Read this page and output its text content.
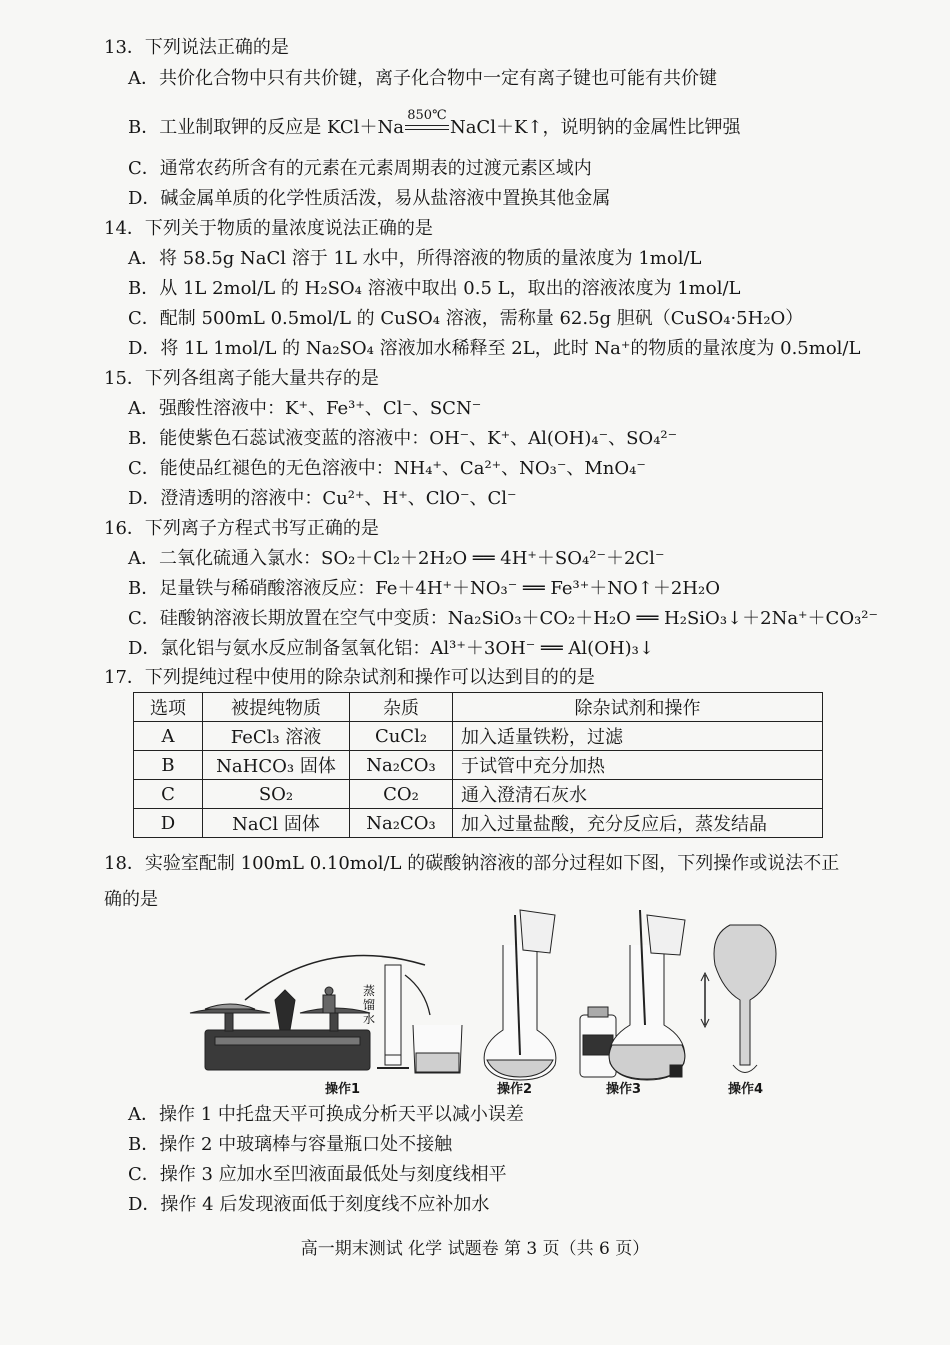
13．下列说法正确的是
A．共价化合物中只有共价键，离子化合物中一定有离子键也可能有共价键
B．工业制取钾的反应是 KCl＋Na
850℃
NaCl＋K↑，说明钠的金属性比钾强
C．通常农药所含有的元素在元素周期表的过渡元素区域内
D．碱金属单质的化学性质活泼，易从盐溶液中置换其他金属
14．下列关于物质的量浓度说法正确的是
A．将 58.5g NaCl 溶于 1L 水中，所得溶液的物质的量浓度为 1mol/L
B．从 1L 2mol/L 的 H₂SO₄ 溶液中取出 0.5 L，取出的溶液浓度为 1mol/L
C．配制 500mL 0.5mol/L 的 CuSO₄ 溶液，需称量 62.5g 胆矾（CuSO₄·5H₂O）
D．将 1L 1mol/L 的 Na₂SO₄ 溶液加水稀释至 2L，此时 Na⁺的物质的量浓度为 0.5mol/L
15．下列各组离子能大量共存的是
A．强酸性溶液中：K⁺、Fe³⁺、Cl⁻、SCN⁻
B．能使紫色石蕊试液变蓝的溶液中：OH⁻、K⁺、Al(OH)₄⁻、SO₄²⁻
C．能使品红褪色的无色溶液中：NH₄⁺、Ca²⁺、NO₃⁻、MnO₄⁻
D．澄清透明的溶液中：Cu²⁺、H⁺、ClO⁻、Cl⁻
16．下列离子方程式书写正确的是
A．二氧化硫通入氯水：SO₂＋Cl₂＋2H₂O ══ 4H⁺＋SO₄²⁻＋2Cl⁻
B．足量铁与稀硝酸溶液反应：Fe＋4H⁺＋NO₃⁻ ══ Fe³⁺＋NO↑＋2H₂O
C．硅酸钠溶液长期放置在空气中变质：Na₂SiO₃＋CO₂＋H₂O ══ H₂SiO₃↓＋2Na⁺＋CO₃²⁻
D．氯化铝与氨水反应制备氢氧化铝：Al³⁺＋3OH⁻ ══ Al(OH)₃↓
17．下列提纯过程中使用的除杂试剂和操作可以达到目的的是
选项	被提纯物质	杂质	除杂试剂和操作
A	FeCl₃ 溶液	CuCl₂	加入适量铁粉，过滤
B	NaHCO₃ 固体	Na₂CO₃	于试管中充分加热
C	SO₂	CO₂	通入澄清石灰水
D	NaCl 固体	Na₂CO₃	加入过量盐酸，充分反应后，蒸发结晶
18．实验室配制 100mL 0.10mol/L 的碳酸钠溶液的部分过程如下图，下列操作或说法不正
确的是
蒸
馏
水
操作1	操作2	操作3	操作4
A．操作 1 中托盘天平可换成分析天平以减小误差
B．操作 2 中玻璃棒与容量瓶口处不接触
C．操作 3 应加水至凹液面最低处与刻度线相平
D．操作 4 后发现液面低于刻度线不应补加水
高一期末测试 化学 试题卷 第 3 页（共 6 页）
